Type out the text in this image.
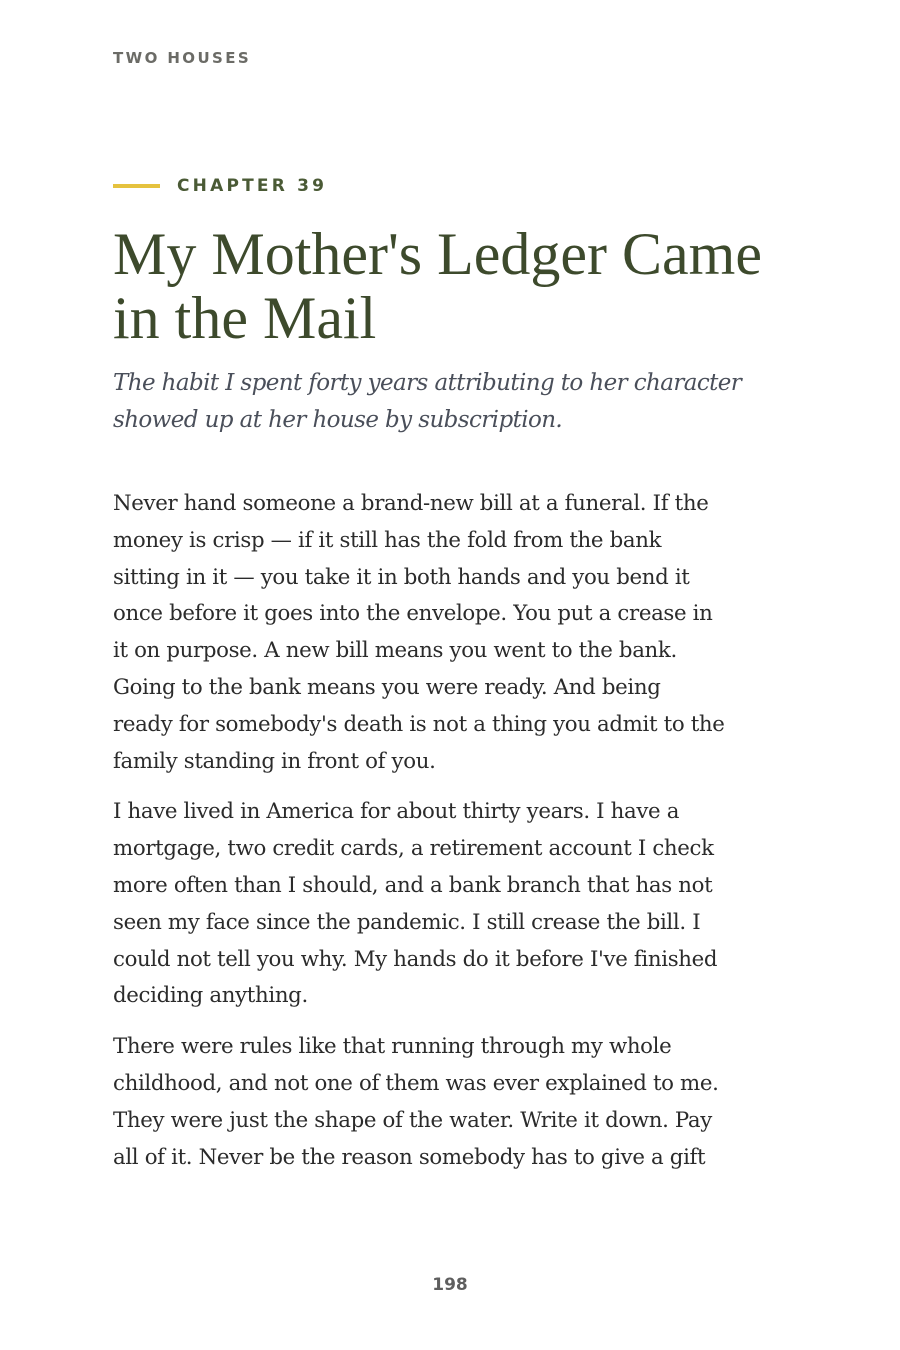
TWO HOUSES
CHAPTER 39
My Mother's Ledger Came
in the Mail

The habit I spent forty years attributing to her character
showed up at her house by subscription.

Never hand someone a brand-new bill at a funeral. If the
money is crisp — if it still has the fold from the bank
sitting in it — you take it in both hands and you bend it
once before it goes into the envelope. You put a crease in
it on purpose. A new bill means you went to the bank.
Going to the bank means you were ready. And being
ready for somebody's death is not a thing you admit to the
family standing in front of you.

I have lived in America for about thirty years. I have a
mortgage, two credit cards, a retirement account I check
more often than I should, and a bank branch that has not
seen my face since the pandemic. I still crease the bill. I
could not tell you why. My hands do it before I've finished
deciding anything.

There were rules like that running through my whole
childhood, and not one of them was ever explained to me.
They were just the shape of the water. Write it down. Pay
all of it. Never be the reason somebody has to give a gift

198
